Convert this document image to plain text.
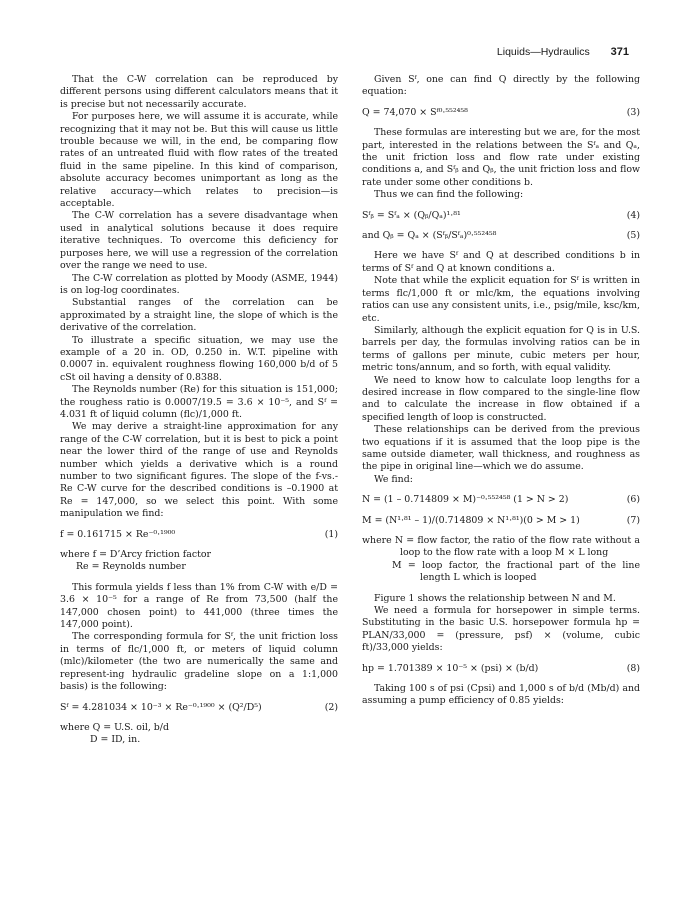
Liquids—Hydraulics 371

That the C-W correlation can be reproduced by different persons using different calculators means that it is precise but not necessarily accurate.

For purposes here, we will assume it is accurate, while recognizing that it may not be. But this will cause us little trouble because we will, in the end, be comparing flow rates of an untreated fluid with flow rates of the treated fluid in the same pipeline. In this kind of comparison, absolute accuracy becomes unimportant as long as the relative accuracy—which relates to precision—is acceptable.

The C-W correlation has a severe disadvantage when used in analytical solutions because it does require iterative techniques. To overcome this deficiency for purposes here, we will use a regression of the correlation over the range we need to use.

The C-W correlation as plotted by Moody (ASME, 1944) is on log-log coordinates.

Substantial ranges of the correlation can be approximated by a straight line, the slope of which is the derivative of the correlation.

To illustrate a specific situation, we may use the example of a 20 in. OD, 0.250 in. W.T. pipeline with 0.0007 in. equivalent roughness flowing 160,000 b/d of 5 cSt oil having a density of 0.8388.

The Reynolds number (Re) for this situation is 151,000; the roughess ratio is 0.0007/19.5 = 3.6 × 10⁻⁵, and Sᶠ = 4.031 ft of liquid column (flc)/1,000 ft.

We may derive a straight-line approximation for any range of the C-W correlation, but it is best to pick a point near the lower third of the range of use and Reynolds number which yields a derivative which is a round number to two significant figures. The slope of the f-vs.-Re C-W curve for the described conditions is –0.1900 at Re = 147,000, so we select this point. With some manipulation we find:

f = 0.161715 × Re⁻⁰·¹⁹⁰⁰	(1)

where f = D’Arcy friction factor

Re = Reynolds number

This formula yields f less than 1% from C-W with e/D = 3.6 × 10⁻⁵ for a range of Re from 73,500 (half the 147,000 chosen point) to 441,000 (three times the 147,000 point).

The corresponding formula for Sᶠ, the unit friction loss in terms of flc/1,000 ft, or meters of liquid column (mlc)/kilometer (the two are numerically the same and represent-ing hydraulic gradeline slope on a 1:1,000 basis) is the following:

Sᶠ = 4.281034 × 10⁻³ × Re⁻⁰·¹⁹⁰⁰ × (Q²/D⁵)	(2)

where Q = U.S. oil, b/d

D = ID, in.

Given Sᶠ, one can find Q directly by the following equation:

Q = 74,070 × Sᶠ⁰·⁵⁵²⁴⁵⁸	(3)

These formulas are interesting but we are, for the most part, interested in the relations between the Sᶠₐ and Qₐ, the unit friction loss and flow rate under existing conditions a, and Sᶠᵦ and Qᵦ, the unit friction loss and flow rate under some other conditions b.

Thus we can find the following:

Sᶠᵦ = Sᶠₐ × (Qᵦ/Qₐ)¹·⁸¹	(4)
and Qᵦ = Qₐ × (Sᶠᵦ/Sᶠₐ)⁰·⁵⁵²⁴⁵⁸	(5)

Here we have Sᶠ and Q at described conditions b in terms of Sᶠ and Q at known conditions a.

Note that while the explicit equation for Sᶠ is written in terms flc/1,000 ft or mlc/km, the equations involving ratios can use any consistent units, i.e., psig/mile, ksc/km, etc.

Similarly, although the explicit equation for Q is in U.S. barrels per day, the formulas involving ratios can be in terms of gallons per minute, cubic meters per hour, metric tons/annum, and so forth, with equal validity.

We need to know how to calculate loop lengths for a desired increase in flow compared to the single-line flow and to calculate the increase in flow obtained if a specified length of loop is constructed.

These relationships can be derived from the previous two equations if it is assumed that the loop pipe is the same outside diameter, wall thickness, and roughness as the pipe in original line—which we do assume.

We find:

N = (1 – 0.714809 × M)⁻⁰·⁵⁵²⁴⁵⁸ (1 > N > 2)	(6)
M = (N¹·⁸¹ – 1)/(0.714809 × N¹·⁸¹)(0 > M > 1)	(7)

where N = flow factor, the ratio of the flow rate without a loop to the flow rate with a loop M × L long

M = loop factor, the fractional part of the line length L which is looped

Figure 1 shows the relationship between N and M.

We need a formula for horsepower in simple terms. Substituting in the basic U.S. horsepower formula hp = PLAN/33,000 = (pressure, psf) × (volume, cubic ft)/33,000 yields:

hp = 1.701389 × 10⁻⁵ × (psi) × (b/d)	(8)

Taking 100 s of psi (Cpsi) and 1,000 s of b/d (Mb/d) and assuming a pump efficiency of 0.85 yields:
